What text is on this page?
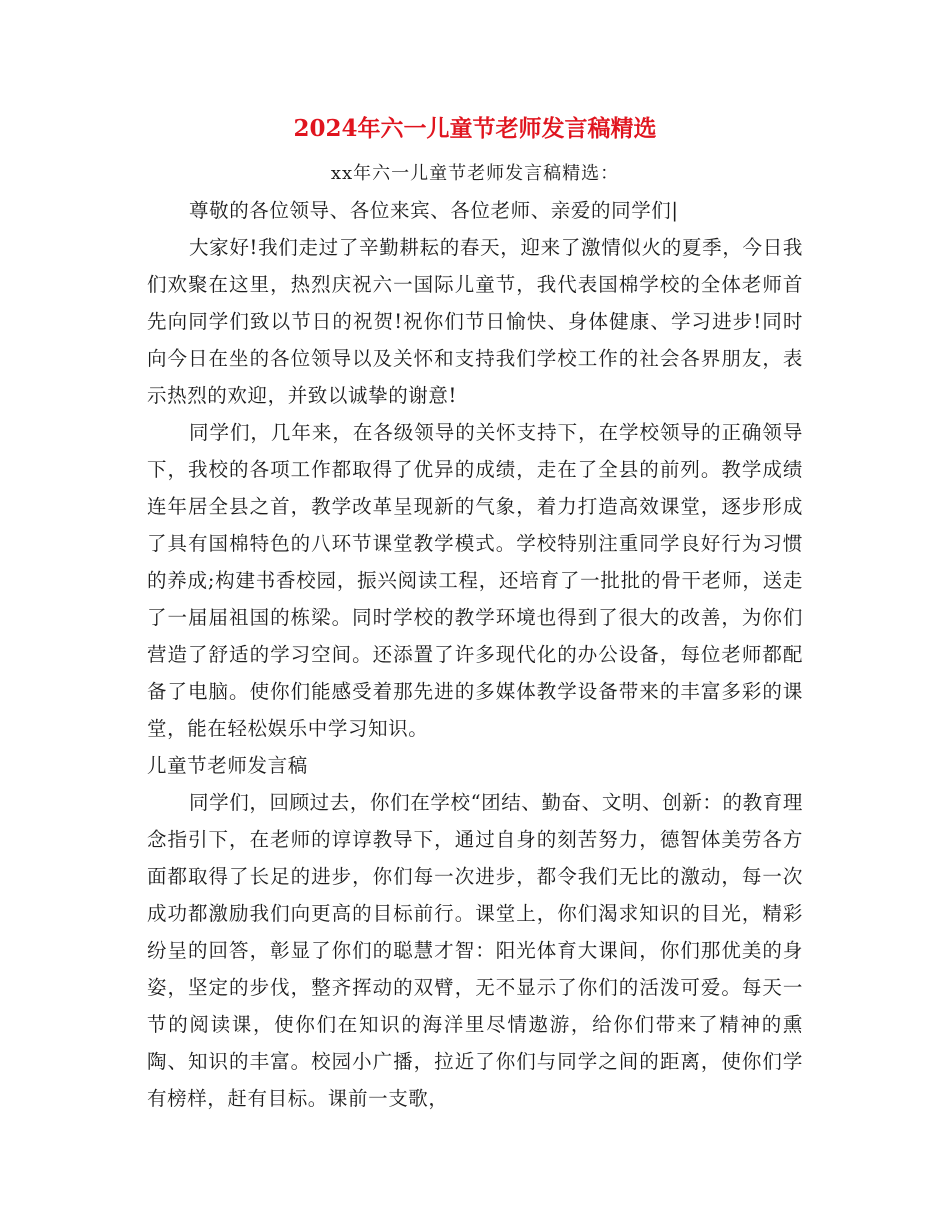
2024年六一儿童节老师发言稿精选

xx年六一儿童节老师发言稿精选：

尊敬的各位领导、各位来宾、各位老师、亲爱的同学们|

大家好!我们走过了辛勤耕耘的春天，迎来了激情似火的夏季，今日我们欢聚在这里，热烈庆祝六一国际儿童节，我代表国棉学校的全体老师首先向同学们致以节日的祝贺!祝你们节日愉快、身体健康、学习进步!同时向今日在坐的各位领导以及关怀和支持我们学校工作的社会各界朋友，表示热烈的欢迎，并致以诚挚的谢意!

同学们，几年来，在各级领导的关怀支持下，在学校领导的正确领导下，我校的各项工作都取得了优异的成绩，走在了全县的前列。教学成绩连年居全县之首，教学改革呈现新的气象，着力打造高效课堂，逐步形成了具有国棉特色的八环节课堂教学模式。学校特别注重同学良好行为习惯的养成;构建书香校园，振兴阅读工程，还培育了一批批的骨干老师，送走了一届届祖国的栋梁。同时学校的教学环境也得到了很大的改善，为你们营造了舒适的学习空间。还添置了许多现代化的办公设备，每位老师都配备了电脑。使你们能感受着那先进的多媒体教学设备带来的丰富多彩的课堂，能在轻松娱乐中学习知识。

儿童节老师发言稿

同学们，回顾过去，你们在学校“团结、勤奋、文明、创新：的教育理念指引下，在老师的谆谆教导下，通过自身的刻苦努力，德智体美劳各方面都取得了长足的进步，你们每一次进步，都令我们无比的激动，每一次成功都激励我们向更高的目标前行。课堂上，你们渴求知识的目光，精彩纷呈的回答，彰显了你们的聪慧才智：阳光体育大课间，你们那优美的身姿，坚定的步伐，整齐挥动的双臂，无不显示了你们的活泼可爱。每天一节的阅读课，使你们在知识的海洋里尽情遨游，给你们带来了精神的熏陶、知识的丰富。校园小广播，拉近了你们与同学之间的距离，使你们学有榜样，赶有目标。课前一支歌，
